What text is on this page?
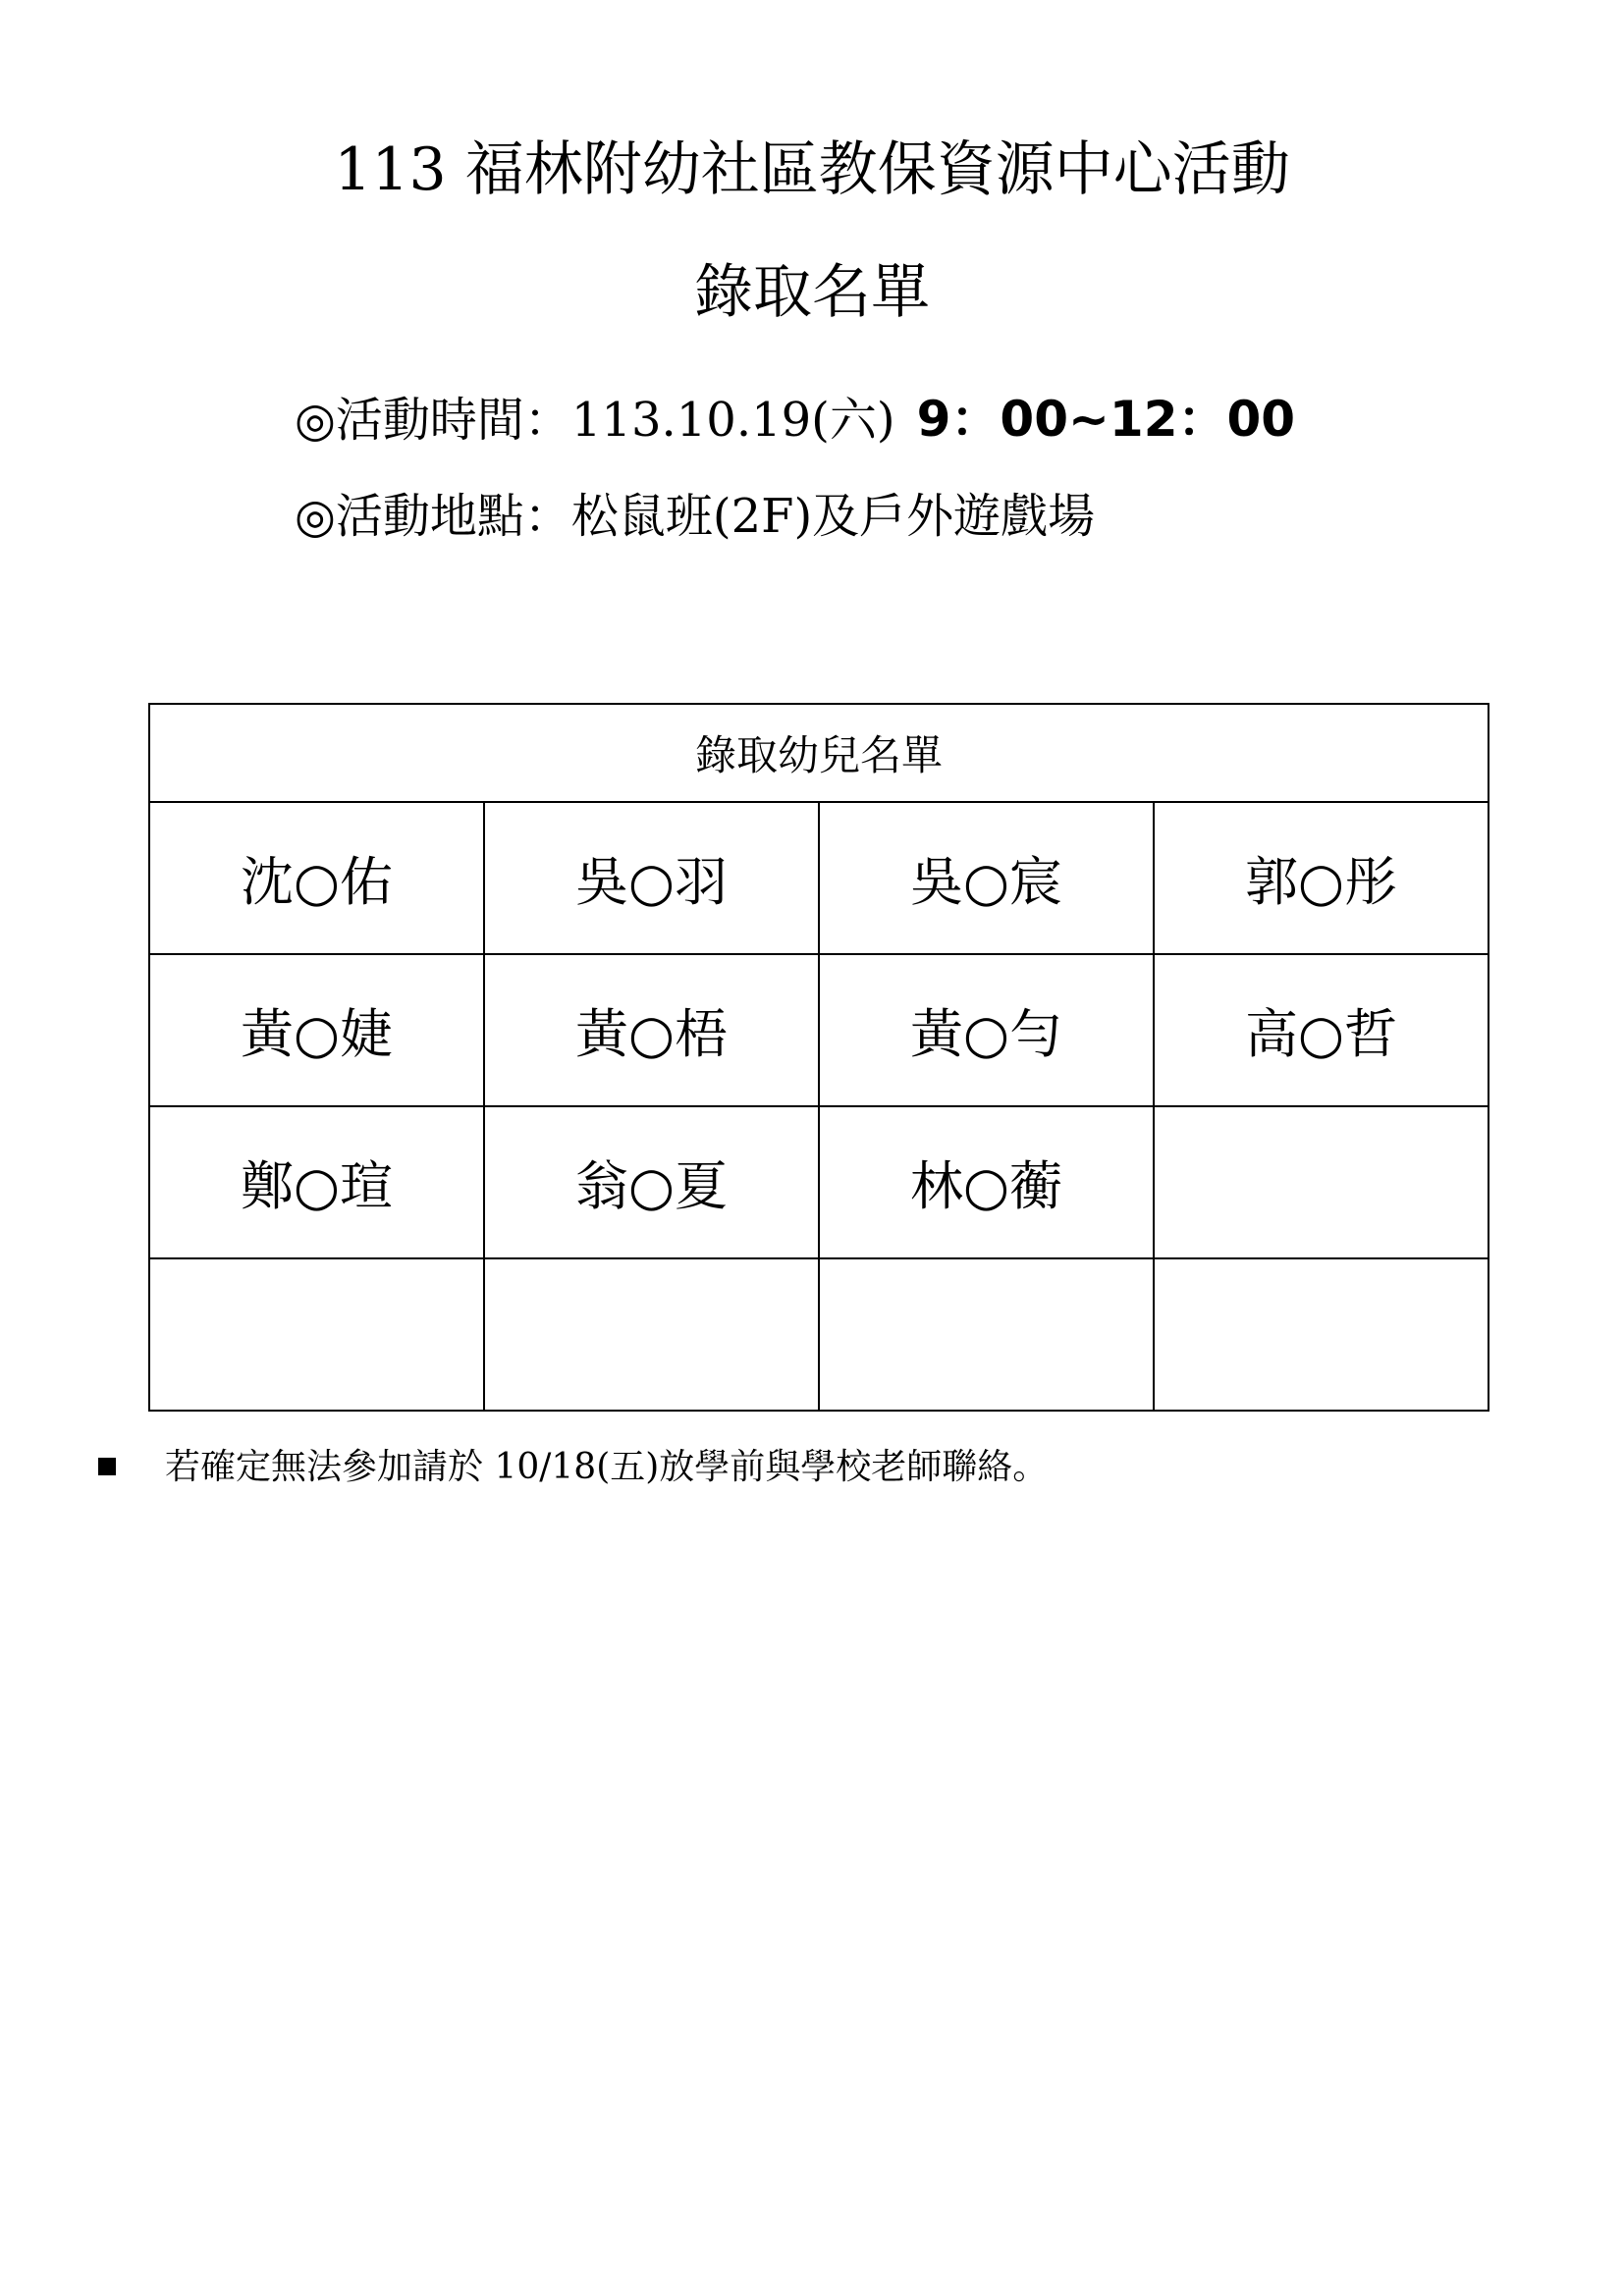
113 福林附幼社區教保資源中心活動
錄取名單
◎活動時間：113.10.19(六) 9：00~12：00
◎活動地點：松鼠班(2F)及戶外遊戲場
錄取幼兒名單			
沈○佑	吳○羽	吳○宸	郭○彤
黃○婕	黃○梧	黃○勻	高○哲
鄭○瑄	翁○夏	林○蘅	

若確定無法參加請於 10/18(五)放學前與學校老師聯絡。
